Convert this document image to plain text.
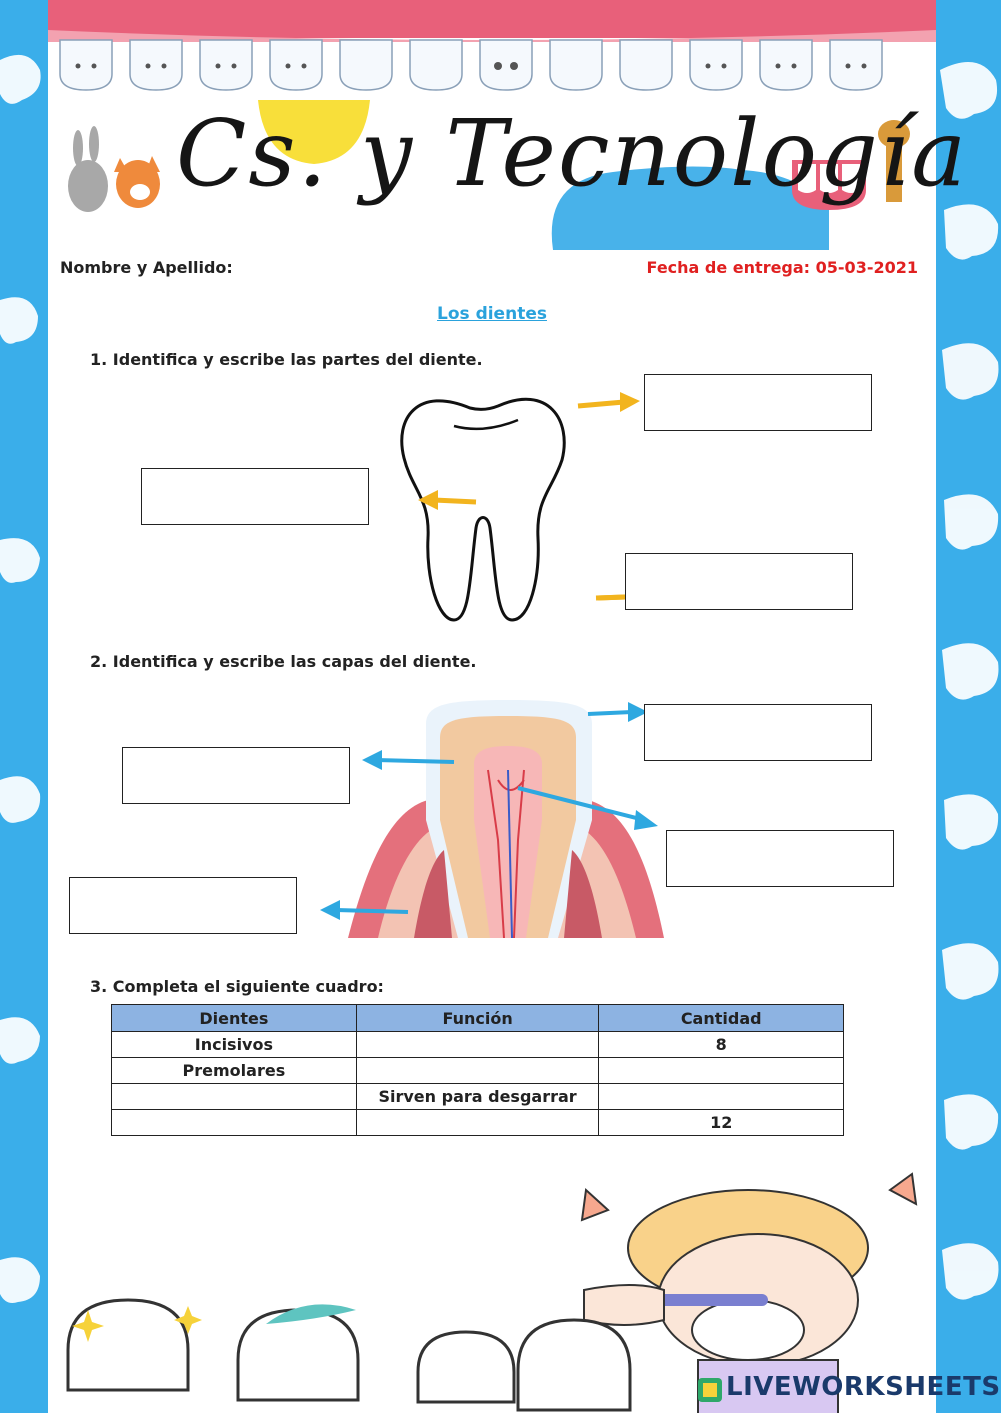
Cs. y Tecnología
Nombre y Apellido:	Fecha de entrega: 05-03-2021
Los dientes
1. Identifica y escribe las partes del diente.
2. Identifica y escribe las capas del diente.
3. Completa el siguiente cuadro:
Dientes	Función	Cantidad
Incisivos		8
Premolares		
	Sirven para desgarrar	
		12
LIVEWORKSHEETS
